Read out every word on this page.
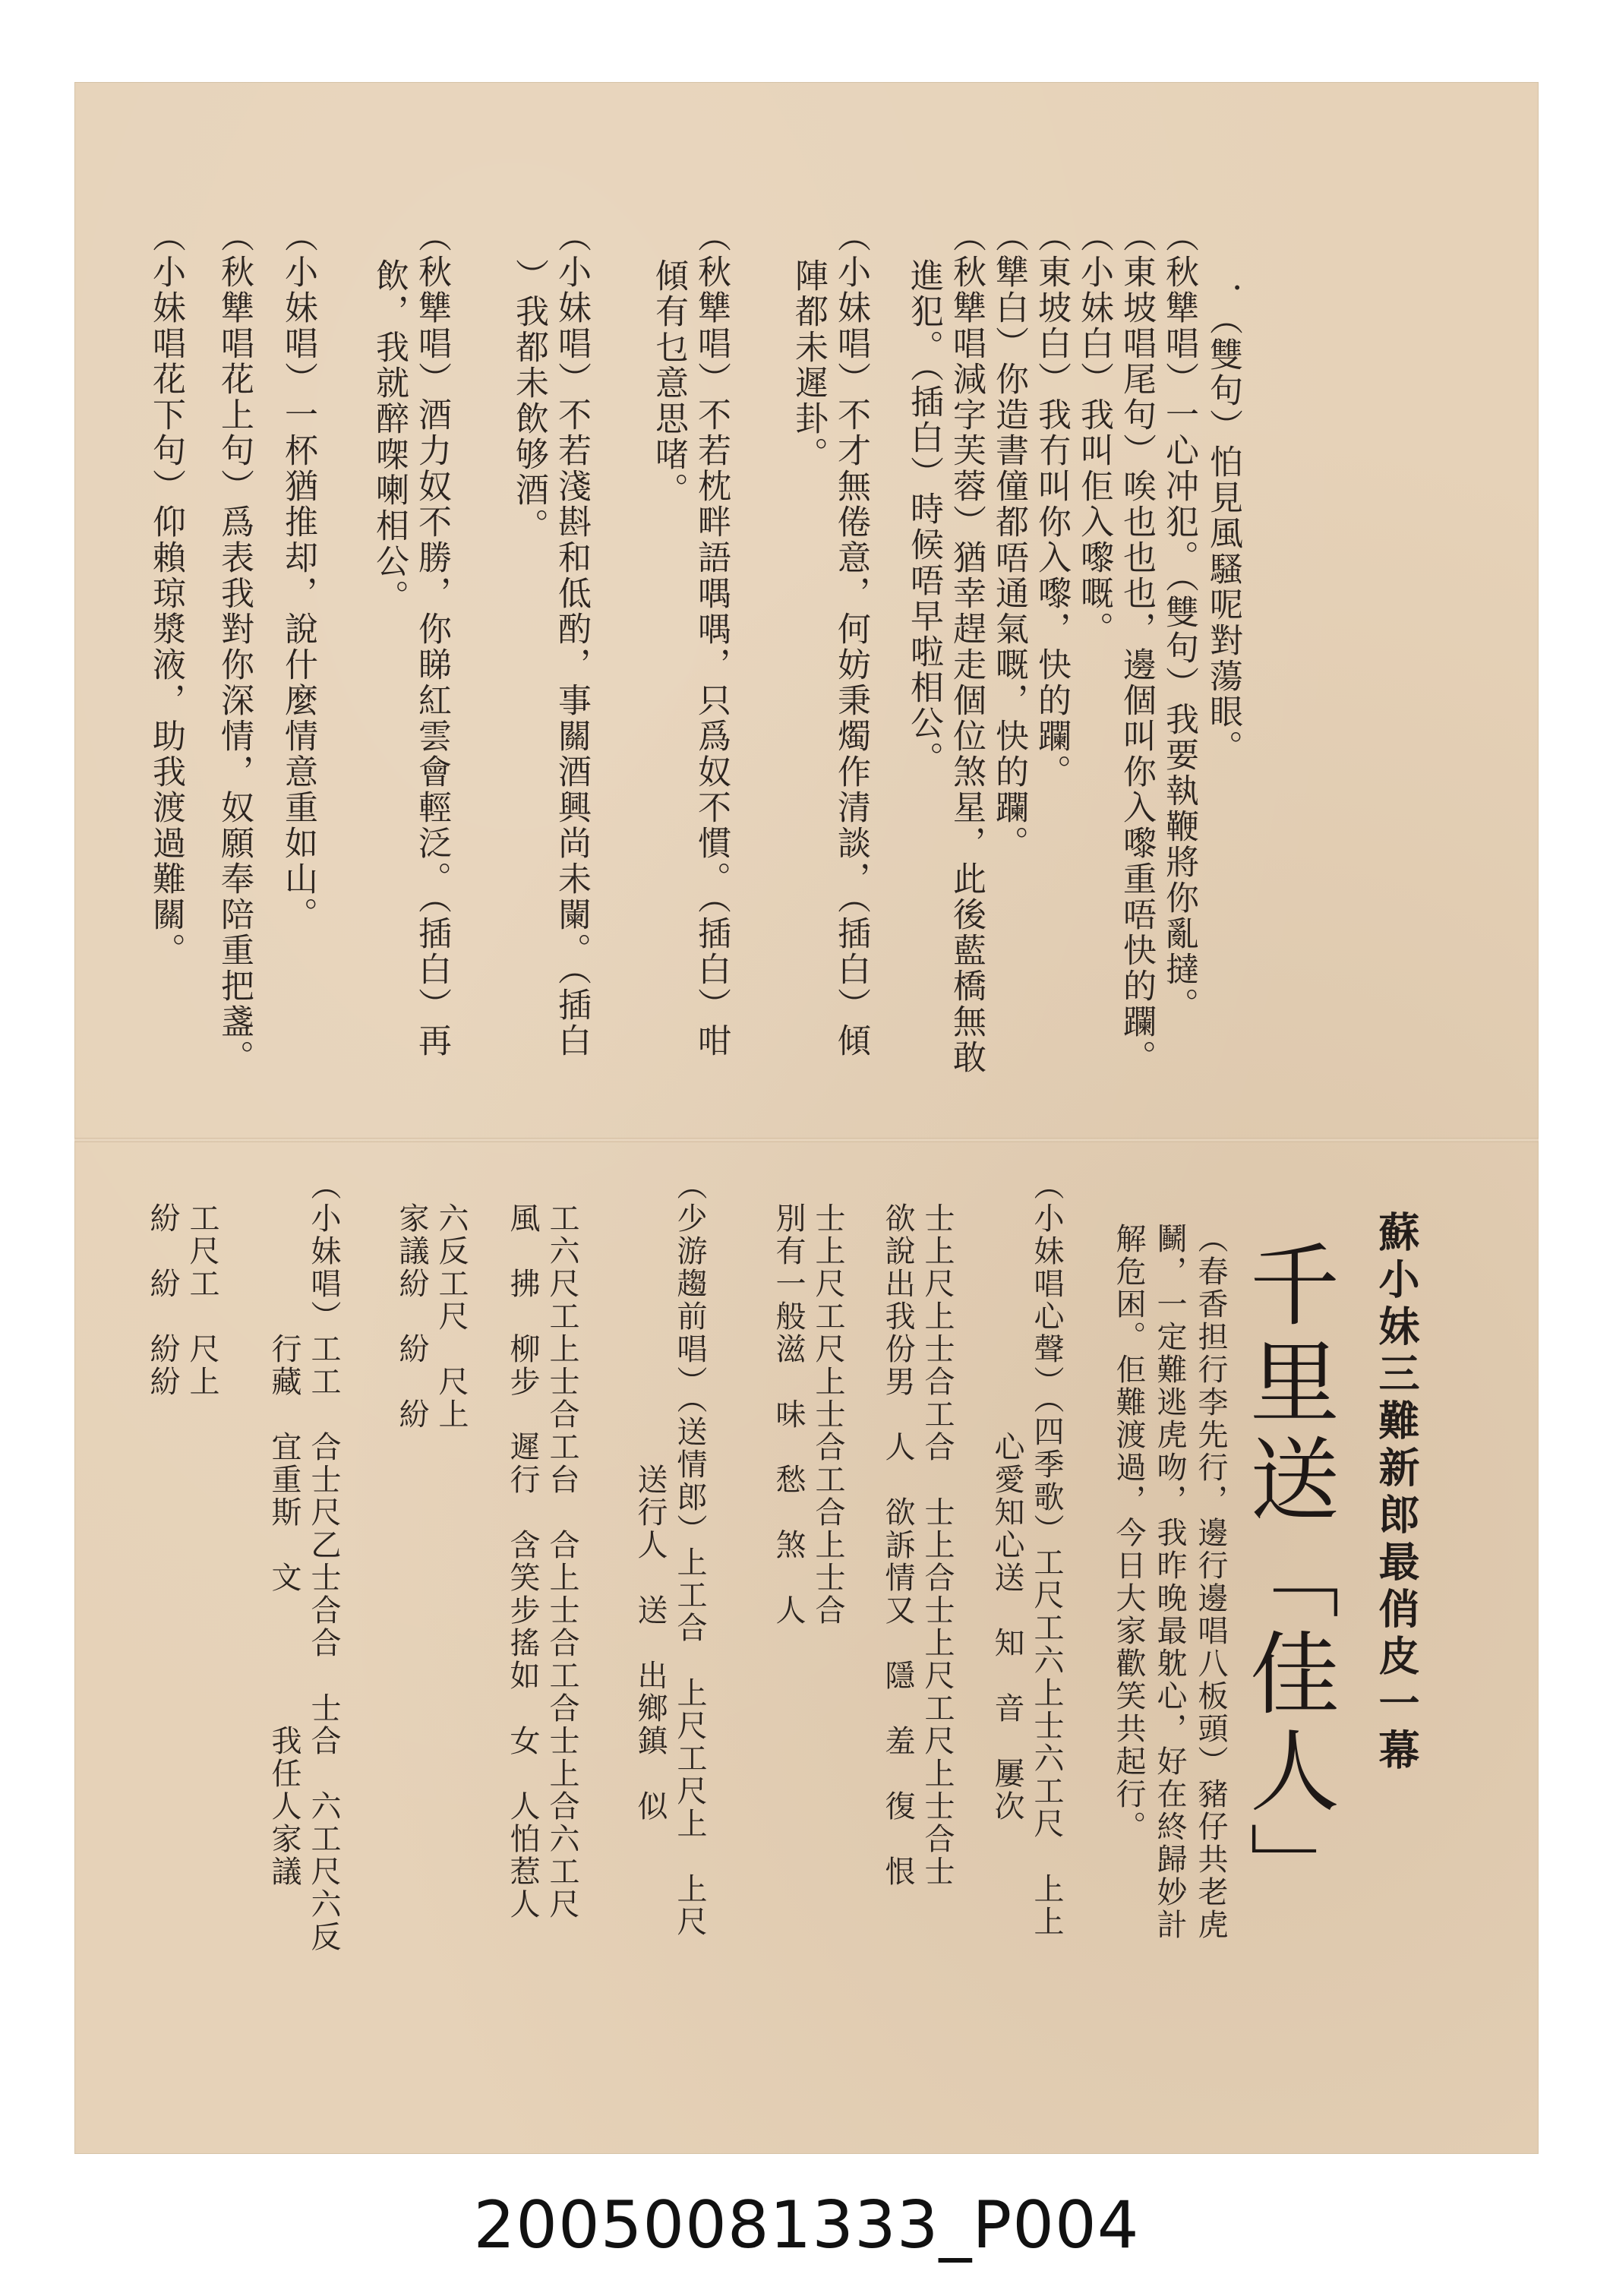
．（雙句）怕見風騷呢對蕩眼。
（秋犨唱）一心冲犯。（雙句）我要執鞭將你亂撻。
（東坡唱尾句）唉也也也，邊個叫你入嚟重唔快的躝。
（小妹白）我叫佢入嚟嘅。
（東坡白）我冇叫你入嚟，快的躝。
（犨白）你造書僮都唔通氣嘅，快的躝。
（秋犨唱減字芙蓉）猶幸趕走個位煞星，此後藍橋無敢
進犯。（插白）時候唔早啦相公。
（小妹唱）不才無倦意，何妨秉燭作清談，（插白）傾
陣都未遲卦。
（秋犨唱）不若枕畔語喁喁，只爲奴不慣。（插白）咁
傾有乜意思啫。
（小妹唱）不若淺斟和低酌，事關酒興尚未闌。（插白
）我都未飲够酒。
（秋犨唱）酒力奴不勝，你睇紅雲會輕泛。（插白）再
飲，我就醉㗎喇相公。
（小妹唱）一杯猶推却，說什麼情意重如山。
（秋犨唱花上句）爲表我對你深情，奴願奉陪重把盞。
（小妹唱花下句）仰賴琼漿液，助我渡過難關。
蘇小妹三難新郎最俏皮一幕
千里送「佳人」
（春香担行李先行，邊行邊唱八板頭）豬仔共老虎
鬭，一定難逃虎吻，我昨晚最躭心，好在終歸妙計
解危困。佢難渡過，今日大家歡笑共起行。
（小妹唱心聲）（四季歌）工尺工六上士六工尺　上上
　　　　　　　　心愛知心送　知　音　屢次
　士上尺上士合工合　士上合士上尺工尺上士合士
　欲說出我份男　人　欲訴情又　隱　羞　復　恨
　士上尺工尺上士合工合上士合
　別有一般滋　味　愁　煞　人
（少游趨前唱）（送情郎）上工合　上尺工尺上　上尺
　　　　　　　　　送行人　送　出鄉鎮　似
　工六尺工上士合工台　合上士合工合士上合六工尺
　風　拂　柳步　遲行　含笑步搖如　女　人怕惹人
　六反工尺　尺上
　家議紛　紛　紛
（小妹唱）工工　合士尺乙士合合　士合　六工尺六反
　　　　　行藏　宜重斯　文　　　　我任人家議
　工尺工　尺上
　紛　紛　紛紛
20050081333_P004
